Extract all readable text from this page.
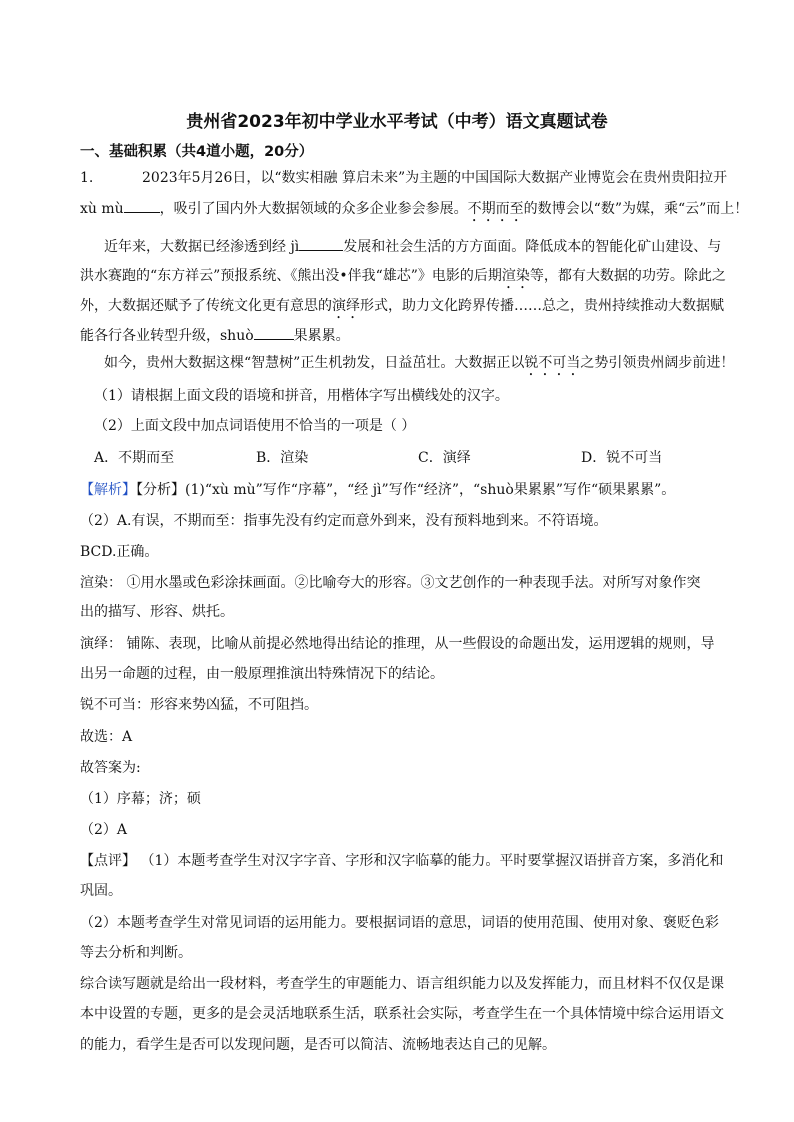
贵州省2023年初中学业水平考试（中考）语文真题试卷
一、基础积累（共4道小题，20分）
1.	2023年5月26日，以“数实相融 算启未来”为主题的中国国际大数据产业博览会在贵州贵阳拉开
xù mù	，吸引了国内外大数据领域的众多企业参会参展。不期而至的数博会以“数”为媒，乘“云”而上！
近年来，大数据已经渗透到经 jì	发展和社会生活的方方面面。降低成本的智能化矿山建设、与
洪水赛跑的“东方祥云”预报系统、《熊出没•伴我“雄芯”》电影的后期渲染等，都有大数据的功劳。除此之
外，大数据还赋予了传统文化更有意思的演绎形式，助力文化跨界传播……总之，贵州持续推动大数据赋
能各行各业转型升级，shuò	果累累。
如今，贵州大数据这棵“智慧树”正生机勃发，日益茁壮。大数据正以锐不可当之势引领贵州阔步前进！
（1）请根据上面文段的语境和拼音，用楷体字写出横线处的汉字。
（2）上面文段中加点词语使用不恰当的一项是（ ）
A．不期而至	B．渲染	C．演绎	D．锐不可当
【解析】【分析】(1)“xù mù”写作“序幕”，“经 jì”写作“经济”，“shuò果累累”写作“硕果累累”。
（2）A.有误，不期而至：指事先没有约定而意外到来，没有预料地到来。不符语境。
BCD.正确。
渲染： ①用水墨或色彩涂抹画面。②比喻夸大的形容。③文艺创作的一种表现手法。对所写对象作突
出的描写、形容、烘托。
演绎： 铺陈、表现，比喻从前提必然地得出结论的推理，从一些假设的命题出发，运用逻辑的规则，导
出另一命题的过程，由一般原理推演出特殊情况下的结论。
锐不可当：形容来势凶猛，不可阻挡。
故选：A
故答案为:
（1）序幕；济；硕
（2）A
【点评】 （1）本题考查学生对汉字字音、字形和汉字临摹的能力。平时要掌握汉语拼音方案，多消化和
巩固。
（2）本题考查学生对常见词语的运用能力。要根据词语的意思，词语的使用范围、使用对象、褒贬色彩
等去分析和判断。
综合读写题就是给出一段材料，考查学生的审题能力、语言组织能力以及发挥能力，而且材料不仅仅是课
本中设置的专题，更多的是会灵活地联系生活，联系社会实际，考查学生在一个具体情境中综合运用语文
的能力，看学生是否可以发现问题，是否可以简洁、流畅地表达自己的见解。
